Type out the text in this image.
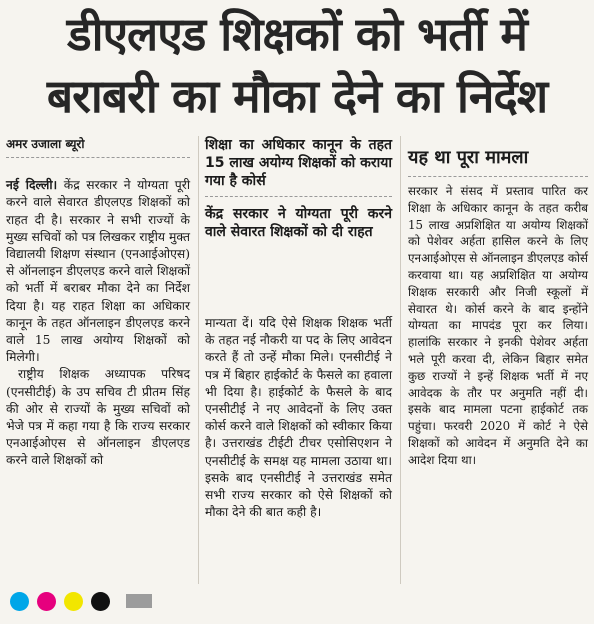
डीएलएड शिक्षकों को भर्ती में
बराबरी का मौका देने का निर्देश
अमर उजाला ब्यूरो

नई दिल्ली। केंद्र सरकार ने योग्यता पूरी करने वाले सेवारत डीएलएड शिक्षकों को राहत दी है। सरकार ने सभी राज्यों के मुख्य सचिवों को पत्र लिखकर राष्ट्रीय मुक्त विद्यालयी शिक्षण संस्थान (एनआईओएस) से ऑनलाइन डीएलएड करने वाले शिक्षकों को भर्ती में बराबर मौका देने का निर्देश दिया है। यह राहत शिक्षा का अधिकार कानून के तहत ऑनलाइन डीएलएड करने वाले 15 लाख अयोग्य शिक्षकों को मिलेगी।

राष्ट्रीय शिक्षक अध्यापक परिषद (एनसीटीई) के उप सचिव टी प्रीतम सिंह की ओर से राज्यों के मुख्य सचिवों को भेजे पत्र में कहा गया है कि राज्य सरकार एनआईओएस से ऑनलाइन डीएलएड करने वाले शिक्षकों को

शिक्षा का अधिकार कानून के तहत 15 लाख अयोग्य शिक्षकों को कराया गया है कोर्स

केंद्र सरकार ने योग्यता पूरी करने वाले सेवारत शिक्षकों को दी राहत

मान्यता दें। यदि ऐसे शिक्षक शिक्षक भर्ती के तहत नई नौकरी या पद के लिए आवेदन करते हैं तो उन्हें मौका मिले। एनसीटीई ने पत्र में बिहार हाईकोर्ट के फैसले का हवाला भी दिया है। हाईकोर्ट के फैसले के बाद एनसीटीई ने नए आवेदनों के लिए उक्त कोर्स करने वाले शिक्षकों को स्वीकार किया है। उत्तराखंड टीईटी टीचर एसोसिएशन ने एनसीटीई के समक्ष यह मामला उठाया था। इसके बाद एनसीटीई ने उत्तराखंड समेत सभी राज्य सरकार को ऐसे शिक्षकों को मौका देने की बात कही है।

यह था पूरा मामला

सरकार ने संसद में प्रस्ताव पारित कर शिक्षा के अधिकार कानून के तहत करीब 15 लाख अप्रशिक्षित या अयोग्य शिक्षकों को पेशेवर अर्हता हासिल करने के लिए एनआईओएस से ऑनलाइन डीएलएड कोर्स करवाया था। यह अप्रशिक्षित या अयोग्य शिक्षक सरकारी और निजी स्कूलों में सेवारत थे। कोर्स करने के बाद इन्होंने योग्यता का मापदंड पूरा कर लिया। हालांकि सरकार ने इनकी पेशेवर अर्हता भले पूरी करवा दी, लेकिन बिहार समेत कुछ राज्यों ने इन्हें शिक्षक भर्ती में नए आवेदक के तौर पर अनुमति नहीं दी। इसके बाद मामला पटना हाईकोर्ट तक पहुंचा। फरवरी 2020 में कोर्ट ने ऐसे शिक्षकों को आवेदन में अनुमति देने का आदेश दिया था।
